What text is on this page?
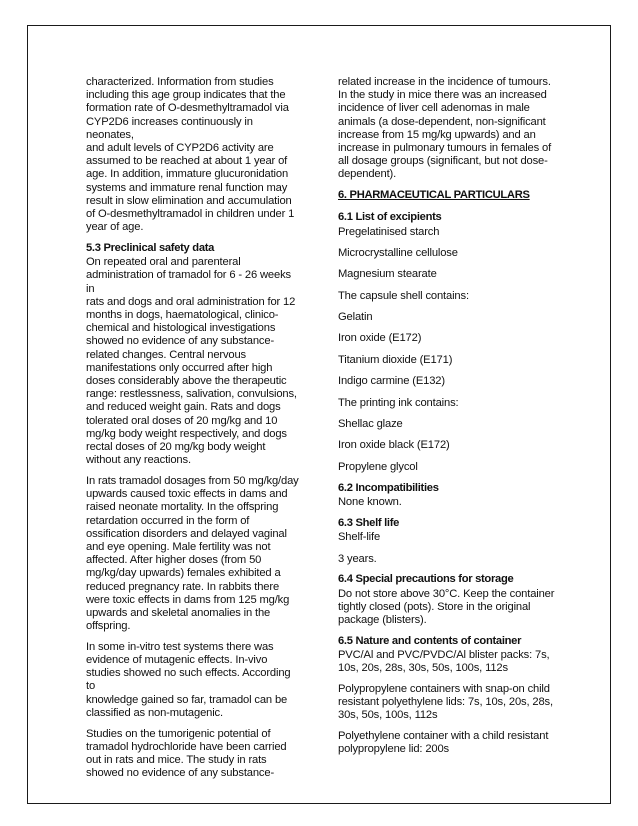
characterized. Information from studies
including this age group indicates that the
formation rate of O-desmethyltramadol via
CYP2D6 increases continuously in neonates,
and adult levels of CYP2D6 activity are
assumed to be reached at about 1 year of
age. In addition, immature glucuronidation
systems and immature renal function may
result in slow elimination and accumulation
of O-desmethyltramadol in children under 1
year of age.

5.3 Preclinical safety data

On repeated oral and parenteral
administration of tramadol for 6 - 26 weeks in
rats and dogs and oral administration for 12
months in dogs, haematological, clinico-
chemical and histological investigations
showed no evidence of any substance-
related changes. Central nervous
manifestations only occurred after high
doses considerably above the therapeutic
range: restlessness, salivation, convulsions,
and reduced weight gain. Rats and dogs
tolerated oral doses of 20 mg/kg and 10
mg/kg body weight respectively, and dogs
rectal doses of 20 mg/kg body weight
without any reactions.

In rats tramadol dosages from 50 mg/kg/day
upwards caused toxic effects in dams and
raised neonate mortality. In the offspring
retardation occurred in the form of
ossification disorders and delayed vaginal
and eye opening. Male fertility was not
affected. After higher doses (from 50
mg/kg/day upwards) females exhibited a
reduced pregnancy rate. In rabbits there
were toxic effects in dams from 125 mg/kg
upwards and skeletal anomalies in the
offspring.

In some in-vitro test systems there was
evidence of mutagenic effects. In-vivo
studies showed no such effects. According to
knowledge gained so far, tramadol can be
classified as non-mutagenic.

Studies on the tumorigenic potential of
tramadol hydrochloride have been carried
out in rats and mice. The study in rats
showed no evidence of any substance-

related increase in the incidence of tumours.
In the study in mice there was an increased
incidence of liver cell adenomas in male
animals (a dose-dependent, non-significant
increase from 15 mg/kg upwards) and an
increase in pulmonary tumours in females of
all dosage groups (significant, but not dose-
dependent).

6. PHARMACEUTICAL PARTICULARS
6.1 List of excipients

Pregelatinised starch

Microcrystalline cellulose

Magnesium stearate

The capsule shell contains:

Gelatin

Iron oxide (E172)

Titanium dioxide (E171)

Indigo carmine (E132)

The printing ink contains:

Shellac glaze

Iron oxide black (E172)

Propylene glycol

6.2 Incompatibilities

None known.

6.3 Shelf life

Shelf-life

3 years.

6.4 Special precautions for storage

Do not store above 30°C. Keep the container
tightly closed (pots). Store in the original
package (blisters).

6.5 Nature and contents of container

PVC/Al and PVC/PVDC/Al blister packs: 7s,
10s, 20s, 28s, 30s, 50s, 100s, 112s

Polypropylene containers with snap-on child
resistant polyethylene lids: 7s, 10s, 20s, 28s,
30s, 50s, 100s, 112s

Polyethylene container with a child resistant
polypropylene lid: 200s
